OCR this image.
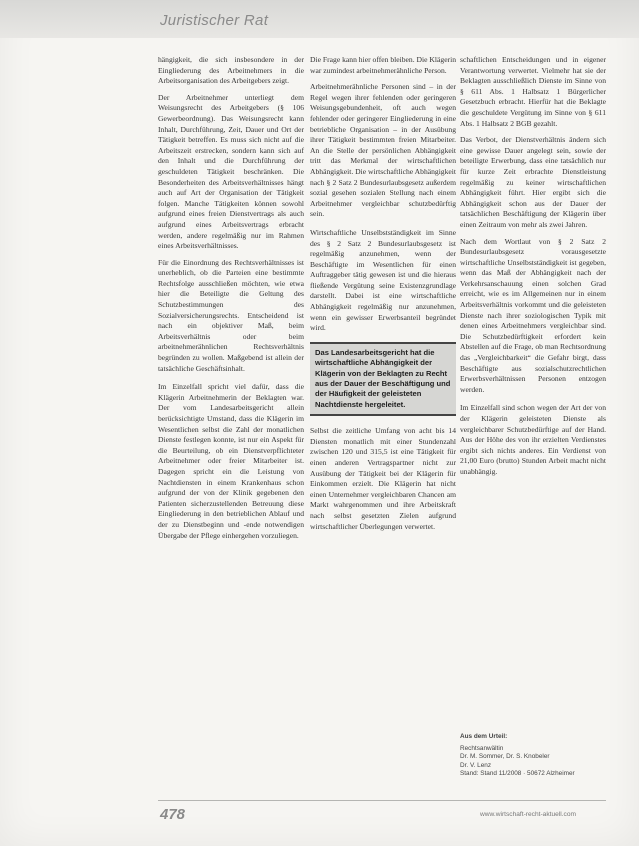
Juristischer Rat

hängigkeit, die sich insbesondere in der Eingliederung des Arbeitnehmers in die Arbeitsorganisation des Arbeitgebers zeigt.

Der Arbeitnehmer unterliegt dem Weisungsrecht des Arbeitgebers (§ 106 Gewerbeordnung). Das Weisungsrecht kann Inhalt, Durchführung, Zeit, Dauer und Ort der Tätigkeit betreffen. Es muss sich nicht auf die Arbeitszeit erstrecken, sondern kann sich auf den Inhalt und die Durchführung der geschuldeten Tätigkeit beschränken. Die Besonderheiten des Arbeitsverhältnisses hängt auch auf Art der Organisation der Tätigkeit folgen. Manche Tätigkeiten können sowohl aufgrund eines freien Dienstvertrags als auch aufgrund eines Arbeitsvertrags erbracht werden, andere regelmäßig nur im Rahmen eines Arbeitsverhältnisses.

Für die Einordnung des Rechtsverhältnisses ist unerheblich, ob die Parteien eine bestimmte Rechtsfolge ausschließen möchten, wie etwa hier die Beteiligte die Geltung des Schutzbestimmungen des Sozialversicherungsrechts. Entscheidend ist nach ein objektiver Maß, beim Arbeitsverhältnis oder beim arbeitnehmerähnlichen Rechtsverhältnis begründen zu wollen. Maßgebend ist allein der tatsächliche Geschäftsinhalt.

Im Einzelfall spricht viel dafür, dass die Klägerin Arbeitnehmerin der Beklagten war. Der vom Landesarbeitsgericht allein berücksichtigte Umstand, dass die Klägerin im Wesentlichen selbst die Zahl der monatlichen Dienste festlegen konnte, ist nur ein Aspekt für die Beurteilung, ob ein Dienstverpflichteter Arbeitnehmer oder freier Mitarbeiter ist. Dagegen spricht ein die Leistung von Nachtdiensten in einem Krankenhaus schon aufgrund der von der Klinik gegebenen den Patienten sicherzustellenden Betreuung diese Eingliederung in den betrieblichen Ablauf und der zu Dienstbeginn und -ende notwendigen Übergabe der Pflege einhergehen vorzuliegen.

Die Frage kann hier offen bleiben. Die Klägerin war zumindest arbeitnehmerähnliche Person.

Arbeitnehmerähnliche Personen sind – in der Regel wegen ihrer fehlenden oder geringeren Weisungsgebundenheit, oft auch wegen fehlender oder geringerer Eingliederung in eine betriebliche Organisation – in der Ausübung ihrer Tätigkeit bestimmten freien Mitarbeiter. An die Stelle der persönlichen Abhängigkeit tritt das Merkmal der wirtschaftlichen Abhängigkeit. Die wirtschaftliche Abhängigkeit nach § 2 Satz 2 Bundesurlaubsgesetz außerdem sozial gesehen sozialen Stellung nach einem Arbeitnehmer vergleichbar schutzbedürftig sein.

Wirtschaftliche Unselbstständigkeit im Sinne des § 2 Satz 2 Bundesurlaubsgesetz ist regelmäßig anzunehmen, wenn der Beschäftigte im Wesentlichen für einen Auftraggeber tätig gewesen ist und die hieraus fließende Vergütung seine Existenzgrundlage darstellt. Dabei ist eine wirtschaftliche Abhängigkeit regelmäßig nur anzunehmen, wenn ein gewisser Erwerbsanteil begründet wird.

Das Landesarbeitsgericht hat die wirtschaftliche Abhängigkeit der Klägerin von der Beklagten zu Recht aus der Dauer der Beschäftigung und der Häufigkeit der geleisteten Nachtdienste hergeleitet.

Selbst die zeitliche Umfang von acht bis 14 Diensten monatlich mit einer Stundenzahl zwischen 120 und 315,5 ist eine Tätigkeit für einen anderen Vertragspartner nicht zur Ausübung der Tätigkeit bei der Klägerin für Einkommen erzielt. Die Klägerin hat nicht einen Unternehmer vergleichbaren Chancen am Markt wahrgenommen und ihre Arbeitskraft nach selbst gesetzten Zielen aufgrund wirtschaftlicher Überlegungen verwertet.

schaftlichen Entscheidungen und in eigener Verantwortung verwertet. Vielmehr hat sie der Beklagten ausschließlich Dienste im Sinne von § 611 Abs. 1 Halbsatz 1 Bürgerlicher Gesetzbuch erbracht. Hierfür hat die Beklagte die geschuldete Vergütung im Sinne von § 611 Abs. 1 Halbsatz 2 BGB gezahlt.

Das Verbot, der Dienstverhältnis ändern sich eine gewisse Dauer angelegt sein, sowie der beteiligte Erwerbung, dass eine tatsächlich nur für kurze Zeit erbrachte Dienstleistung regelmäßig zu keiner wirtschaftlichen Abhängigkeit führt. Hier ergibt sich die Abhängigkeit schon aus der Dauer der tatsächlichen Beschäftigung der Klägerin über einen Zeitraum von mehr als zwei Jahren.

Nach dem Wortlaut von § 2 Satz 2 Bundesurlaubsgesetz vorausgesetzte wirtschaftliche Unselbstständigkeit ist gegeben, wenn das Maß der Abhängigkeit nach der Verkehrsanschauung einen solchen Grad erreicht, wie es im Allgemeinen nur in einem Arbeitsverhältnis vorkommt und die geleisteten Dienste nach ihrer soziologischen Typik mit denen eines Arbeitnehmers vergleichbar sind. Die Schutzbedürftigkeit erfordert kein Abstellen auf die Frage, ob man Rechtsordnung das „Vergleichbarkeit“ die Gefahr birgt, dass Beschäftigte aus sozialschutzrechtlichen Erwerbsverhältnissen Personen entzogen werden.

Im Einzelfall sind schon wegen der Art der von der Klägerin geleisteten Dienste als vergleichbarer Schutzbedürftige auf der Hand. Aus der Höhe des von ihr erzielten Verdienstes ergibt sich nichts anderes. Ein Verdienst von 21,00 Euro (brutto) Stunden Arbeit macht nicht unabhängig.

Aus dem Urteil:
Rechtsanwältin
Dr. M. Sommer, Dr. S. Knobeler
Dr. V. Lenz
Stand: Stand 11/2008 · 50672 Alzheimer
478	www.wirtschaft-recht-aktuell.com
